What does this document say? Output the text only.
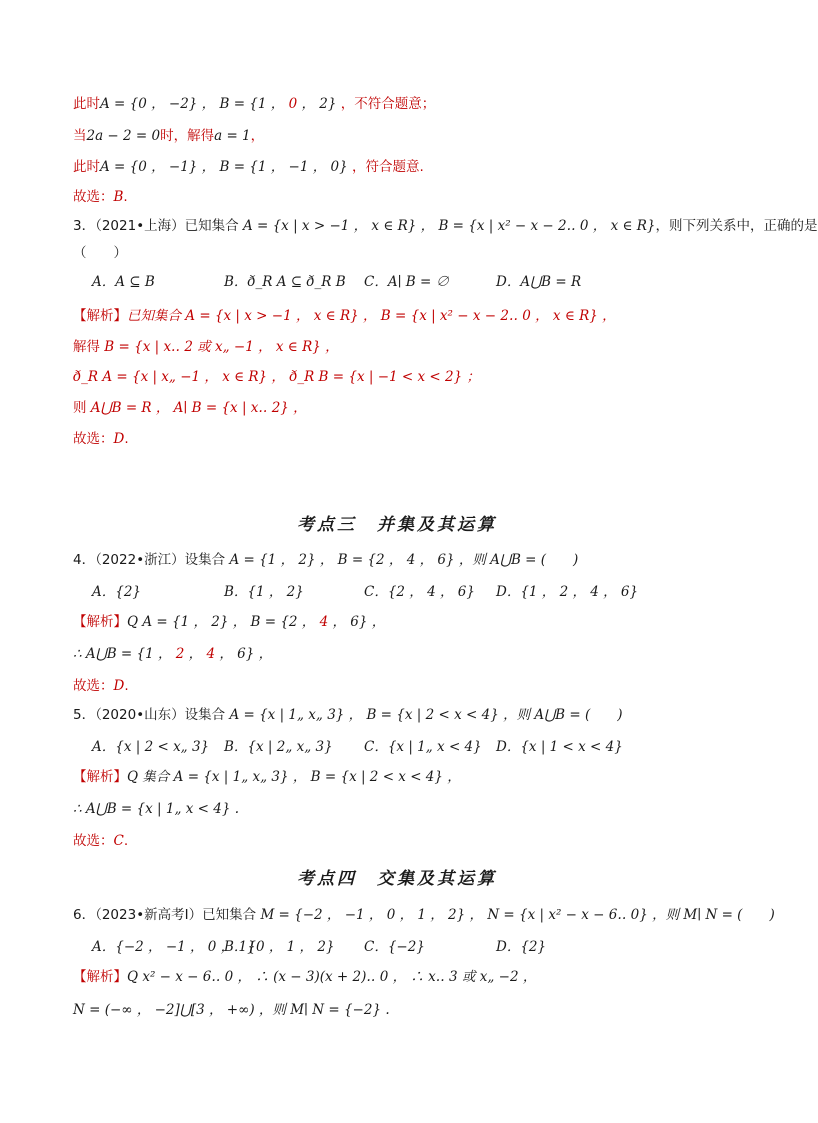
此时A = {0 ， −2} ， B = {1 ， 0 ， 2} ，不符合题意；
当2a − 2 = 0时，解得a = 1，
此时A = {0 ， −1} ， B = {1 ， −1 ， 0} ，符合题意.
故选：B.
3．（2021•上海）已知集合 A = {x | x > −1 ， x ∈ R} ， B = {x | x² − x − 2‥ 0 ， x ∈ R}，则下列关系中，正确的是
（　　）
A．A ⊆ B	B．ð_R A ⊆ ð_R B C．A∣ B = ∅	D．A⋃B = R
【解析】已知集合 A = {x | x > −1 ， x ∈ R} ， B = {x | x² − x − 2‥ 0 ， x ∈ R} ，
解得 B = {x | x‥ 2 或 x„ −1 ， x ∈ R} ，
ð_R A = {x | x„ −1 ， x ∈ R} ， ð_R B = {x | −1 < x < 2} ；
则 A⋃B = R ， A∣ B = {x | x‥ 2} ，
故选：D.
考点三　并集及其运算
4．（2022•浙江）设集合 A = {1 ， 2} ， B = {2 ， 4 ， 6} ，则 A⋃B = (　　)
A．{2}	B．{1 ， 2}	C．{2 ， 4 ， 6} D．{1 ， 2 ， 4 ， 6}
【解析】Q A = {1 ， 2} ， B = {2 ， 4 ， 6} ，
∴ A⋃B = {1 ， 2 ， 4 ， 6} ，
故选：D.
5．（2020•山东）设集合 A = {x | 1„ x„ 3} ， B = {x | 2 < x < 4} ，则 A⋃B = (　　)
A．{x | 2 < x„ 3} B．{x | 2„ x„ 3} C．{x | 1„ x < 4} D．{x | 1 < x < 4}
【解析】Q 集合 A = {x | 1„ x„ 3} ， B = {x | 2 < x < 4} ，
∴ A⋃B = {x | 1„ x < 4} .
故选：C.
考点四　交集及其运算
6．（2023•新高考Ⅰ）已知集合 M = {−2 ， −1 ， 0 ， 1 ， 2} ， N = {x | x² − x − 6‥ 0} ，则 M∣ N = (　　)
A．{−2 ， −1 ， 0 ， 1}
B．{0 ， 1 ， 2} C．{−2}	D．{2}
【解析】Q x² − x − 6‥ 0 ， ∴ (x − 3)(x + 2)‥ 0 ， ∴ x‥ 3 或 x„ −2 ，
N = (−∞ ， −2]⋃[3 ， +∞) ，则 M∣ N = {−2} .
